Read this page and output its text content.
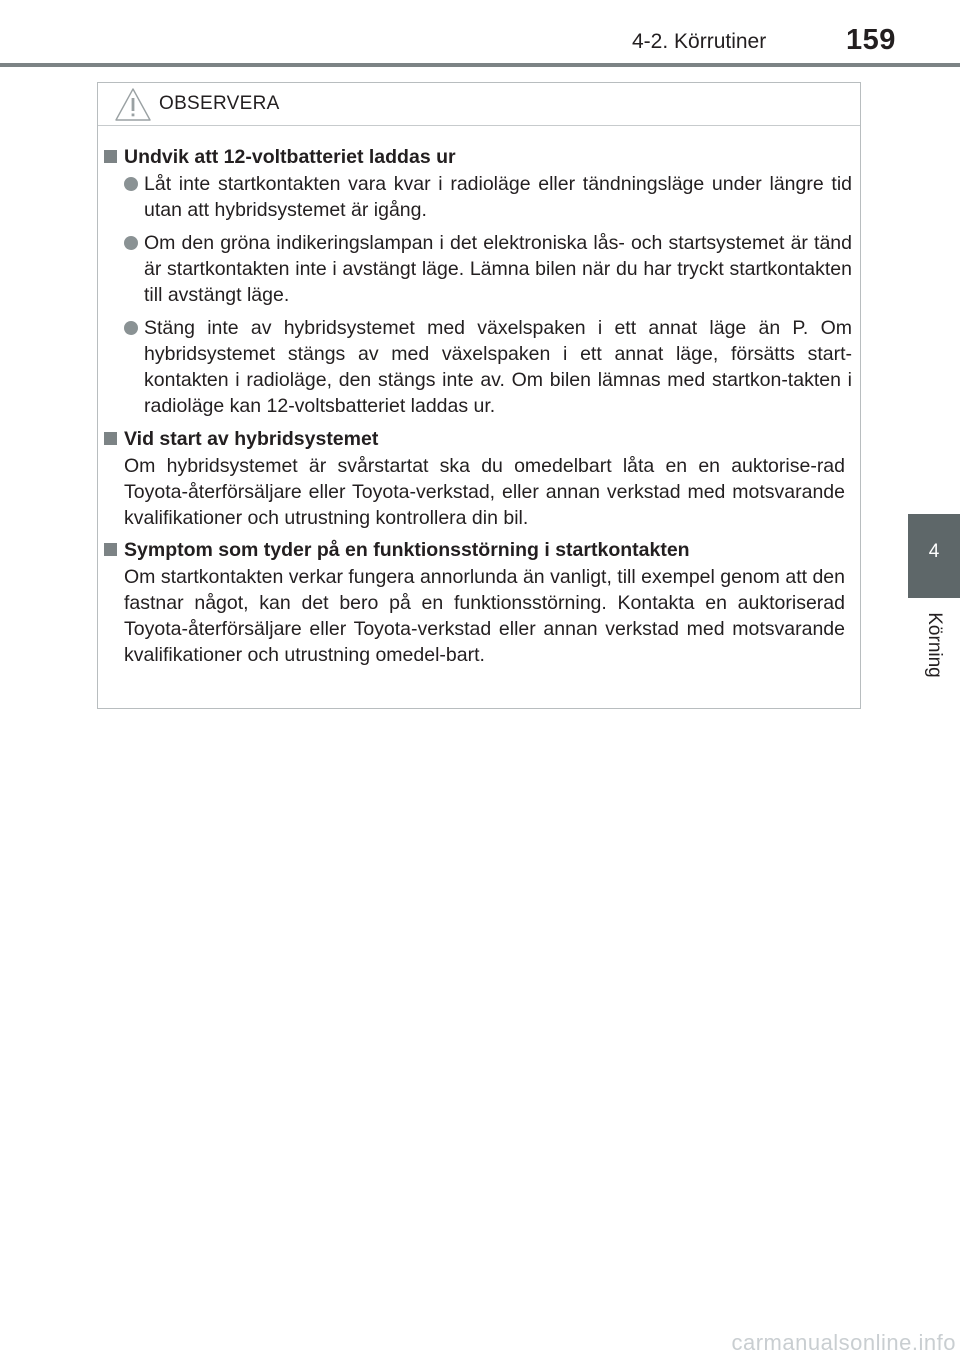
4-2. Körrutiner	159
4
Körning
OBSERVERA
Undvik att 12-voltbatteriet laddas ur
Låt inte startkontakten vara kvar i radioläge eller tändningsläge under längre tid utan att hybridsystemet är igång.
Om den gröna indikeringslampan i det elektroniska lås- och startsystemet är tänd är startkontakten inte i avstängt läge. Lämna bilen när du har tryckt startkontakten till avstängt läge.
Stäng inte av hybridsystemet med växelspaken i ett annat läge än P. Om hybridsystemet stängs av med växelspaken i ett annat läge, försätts start-kontakten i radioläge, den stängs inte av. Om bilen lämnas med startkon-takten i radioläge kan 12-voltsbatteriet laddas ur.
Vid start av hybridsystemet
Om hybridsystemet är svårstartat ska du omedelbart låta en en auktorise-rad Toyota-återförsäljare eller Toyota-verkstad, eller annan verkstad med motsvarande kvalifikationer och utrustning kontrollera din bil.
Symptom som tyder på en funktionsstörning i startkontakten
Om startkontakten verkar fungera annorlunda än vanligt, till exempel genom att den fastnar något, kan det bero på en funktionsstörning. Kontakta en auktoriserad Toyota-återförsäljare eller Toyota-verkstad eller annan verkstad med motsvarande kvalifikationer och utrustning omedel-bart.
carmanualsonline.info
